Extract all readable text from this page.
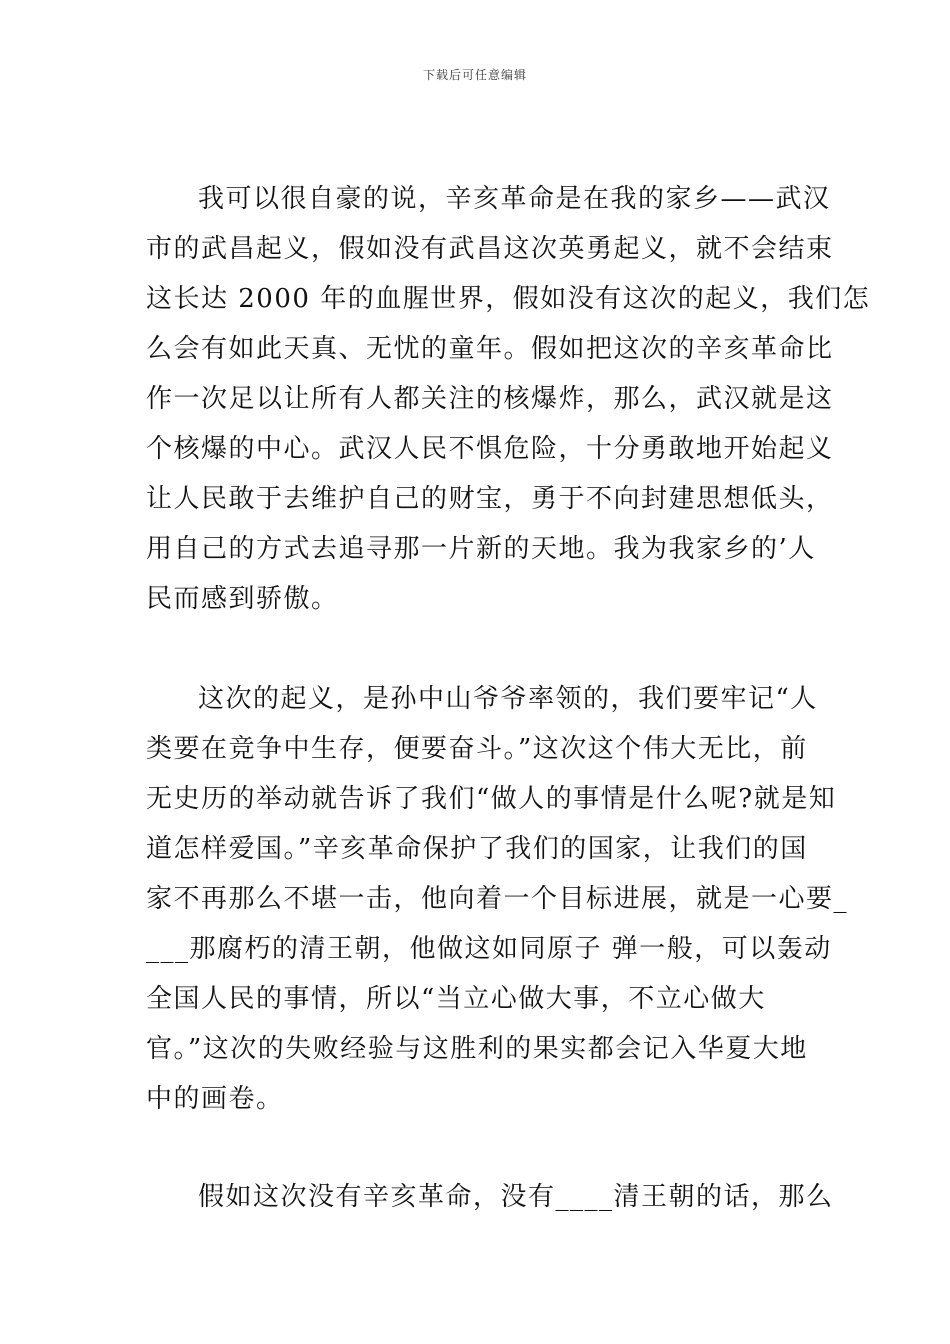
下载后可任意编辑
我可以很自豪的说，辛亥革命是在我的家乡——武汉
市的武昌起义，假如没有武昌这次英勇起义，就不会结束
这长达 2000 年的血腥世界，假如没有这次的起义，我们怎
么会有如此天真、无忧的童年。假如把这次的辛亥革命比
作一次足以让所有人都关注的核爆炸，那么，武汉就是这
个核爆的中心。武汉人民不惧危险，十分勇敢地开始起义
让人民敢于去维护自己的财宝，勇于不向封建思想低头，
用自己的方式去追寻那一片新的天地。我为我家乡的’人
民而感到骄傲。
这次的起义，是孙中山爷爷率领的，我们要牢记“人
类要在竞争中生存，便要奋斗。”这次这个伟大无比，前
无史历的举动就告诉了我们“做人的事情是什么呢?就是知
道怎样爱国。”辛亥革命保护了我们的国家，让我们的国
家不再那么不堪一击，他向着一个目标进展，就是一心要_
___那腐朽的清王朝，他做这如同原子 弹一般，可以轰动
全国人民的事情，所以“当立心做大事，不立心做大
官。”这次的失败经验与这胜利的果实都会记入华夏大地
中的画卷。
假如这次没有辛亥革命，没有____清王朝的话，那么
